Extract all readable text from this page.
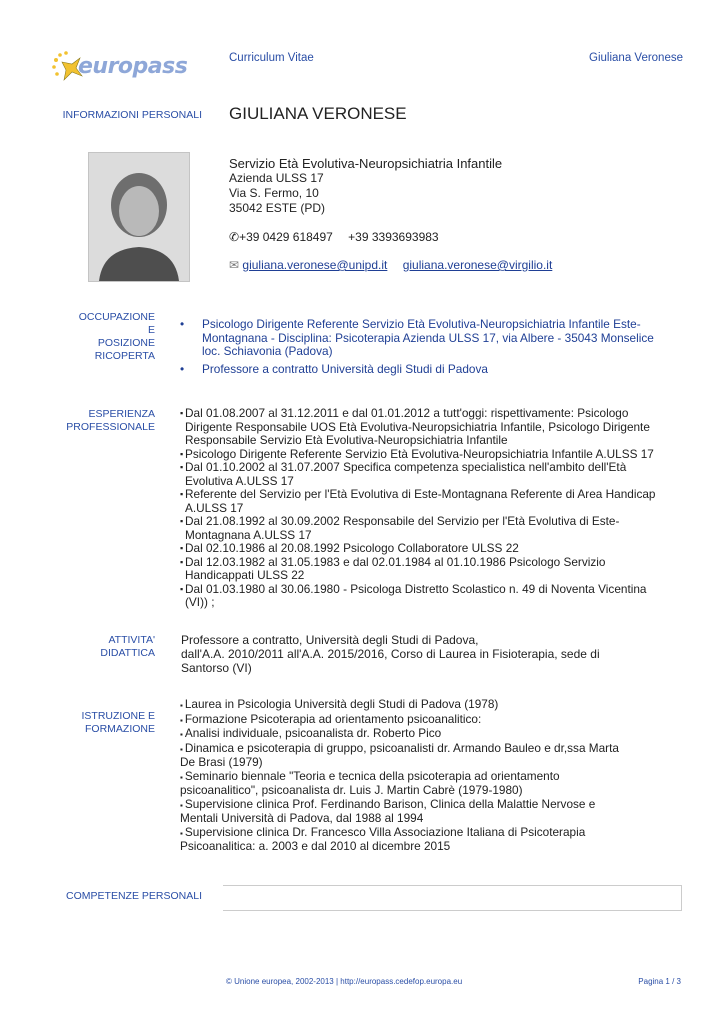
europass	Curriculum Vitae	Giuliana Veronese
INFORMAZIONI PERSONALI GIULIANA VERONESE
Servizio Età Evolutiva-Neuropsichiatria Infantile
Azienda ULSS 17
Via S. Fermo, 10
35042 ESTE (PD)
✆+39 0429 618497 +39 3393693983
✉ giuliana.veronese@unipd.it giuliana.veronese@virgilio.it
OCCUPAZIONE
E
POSIZIONE
RICOPERTA
• Psicologo Dirigente Referente Servizio Età Evolutiva-Neuropsichiatria Infantile Este-Montagnana - Disciplina: Psicoterapia Azienda ULSS 17, via Albere - 35043 Monselice loc. Schiavonia (Padova)
• Professore a contratto Università degli Studi di Padova
ESPERIENZA
PROFESSIONALE
▪ Dal 01.08.2007 al 31.12.2011 e dal 01.01.2012 a tutt'oggi: rispettivamente: Psicologo Dirigente Responsabile UOS Età Evolutiva-Neuropsichiatria Infantile, Psicologo Dirigente Responsabile Servizio Età Evolutiva-Neuropsichiatria Infantile
▪ Psicologo Dirigente Referente Servizio Età Evolutiva-Neuropsichiatria Infantile A.ULSS 17
▪ Dal 01.10.2002 al 31.07.2007 Specifica competenza specialistica nell'ambito dell'Età Evolutiva A.ULSS 17
▪ Referente del Servizio per l'Età Evolutiva di Este-Montagnana Referente di Area Handicap A.ULSS 17
▪ Dal 21.08.1992 al 30.09.2002 Responsabile del Servizio per l'Età Evolutiva di Este-Montagnana A.ULSS 17
▪ Dal 02.10.1986 al 20.08.1992 Psicologo Collaboratore ULSS 22
▪ Dal 12.03.1982 al 31.05.1983 e dal 02.01.1984 al 01.10.1986 Psicologo Servizio Handicappati ULSS 22
▪ Dal 01.03.1980 al 30.06.1980 - Psicologa Distretto Scolastico n. 49 di Noventa Vicentina (VI)) ;
ATTIVITA'
DIDATTICA
Professore a contratto, Università degli Studi di Padova,
dall'A.A. 2010/2011 all'A.A. 2015/2016, Corso di Laurea in Fisioterapia, sede di Santorso (VI)
ISTRUZIONE E
FORMAZIONE
▪ Laurea in Psicologia Università degli Studi di Padova (1978)
▪ Formazione Psicoterapia ad orientamento psicoanalitico:
▪ Analisi individuale, psicoanalista dr. Roberto Pico
▪ Dinamica e psicoterapia di gruppo, psicoanalisti dr. Armando Bauleo e dr,ssa Marta De Brasi (1979)
▪ Seminario biennale "Teoria e tecnica della psicoterapia ad orientamento psicoanalitico", psicoanalista dr. Luis J. Martin Cabrè (1979-1980)
▪ Supervisione clinica Prof. Ferdinando Barison, Clinica della Malattie Nervose e Mentali Università di Padova, dal 1988 al 1994
▪ Supervisione clinica Dr. Francesco Villa Associazione Italiana di Psicoterapia Psicoanalitica: a. 2003 e dal 2010 al dicembre 2015
COMPETENZE PERSONALI
© Unione europea, 2002-2013 | http://europass.cedefop.europa.eu	Pagina 1 / 3
